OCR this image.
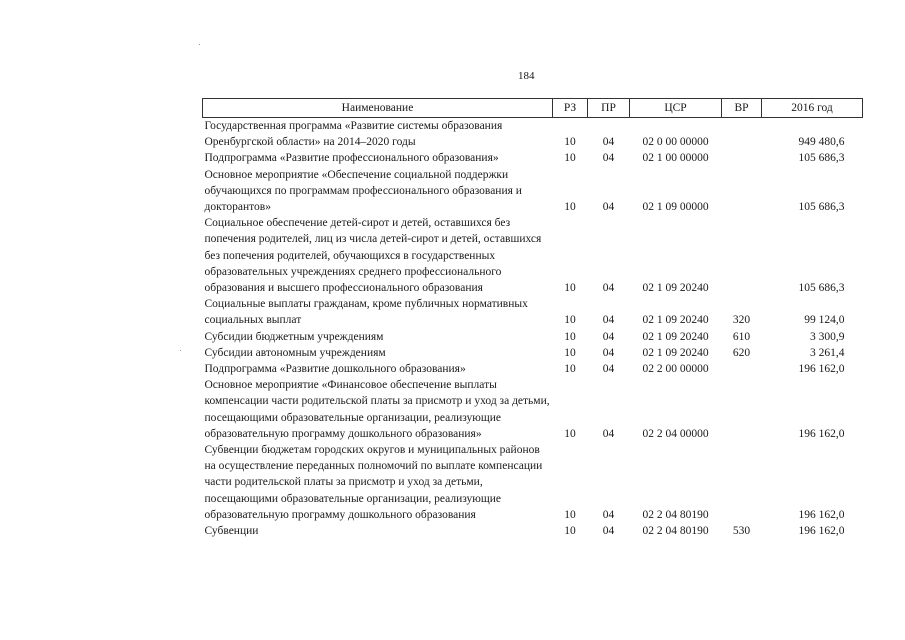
184
Наименование	РЗ	ПР	ЦСР	ВР	2016 год
Государственная программа «Развитие системы образования Оренбургской области» на 2014–2020 годы	10	04	02 0 00 00000		949 480,6
Подпрограмма «Развитие профессионального образования»	10	04	02 1 00 00000		105 686,3
Основное мероприятие «Обеспечение социальной поддержки обучающихся по программам профессионального образования и докторантов»	10	04	02 1 09 00000		105 686,3
Социальное обеспечение детей-сирот и детей, оставшихся без попечения родителей, лиц из числа детей-сирот и детей, оставшихся без попечения родителей, обучающихся в государственных образовательных учреждениях среднего профессионального образования и высшего профессионального образования	10	04	02 1 09 20240		105 686,3
Социальные выплаты гражданам, кроме публичных нормативных социальных выплат	10	04	02 1 09 20240	320	99 124,0
Субсидии бюджетным учреждениям	10	04	02 1 09 20240	610	3 300,9
Субсидии автономным учреждениям	10	04	02 1 09 20240	620	3 261,4
Подпрограмма «Развитие дошкольного образования»	10	04	02 2 00 00000		196 162,0
Основное мероприятие «Финансовое обеспечение выплаты компенсации части родительской платы за присмотр и уход за детьми, посещающими образовательные организации, реализующие образовательную программу дошкольного образования»	10	04	02 2 04 00000		196 162,0
Субвенции бюджетам городских округов и муниципальных районов на осуществление переданных полномочий по выплате компенсации части родительской платы за присмотр и уход за детьми, посещающими образовательные организации, реализующие образовательную программу дошкольного образования	10	04	02 2 04 80190		196 162,0
Субвенции	10	04	02 2 04 80190	530	196 162,0
